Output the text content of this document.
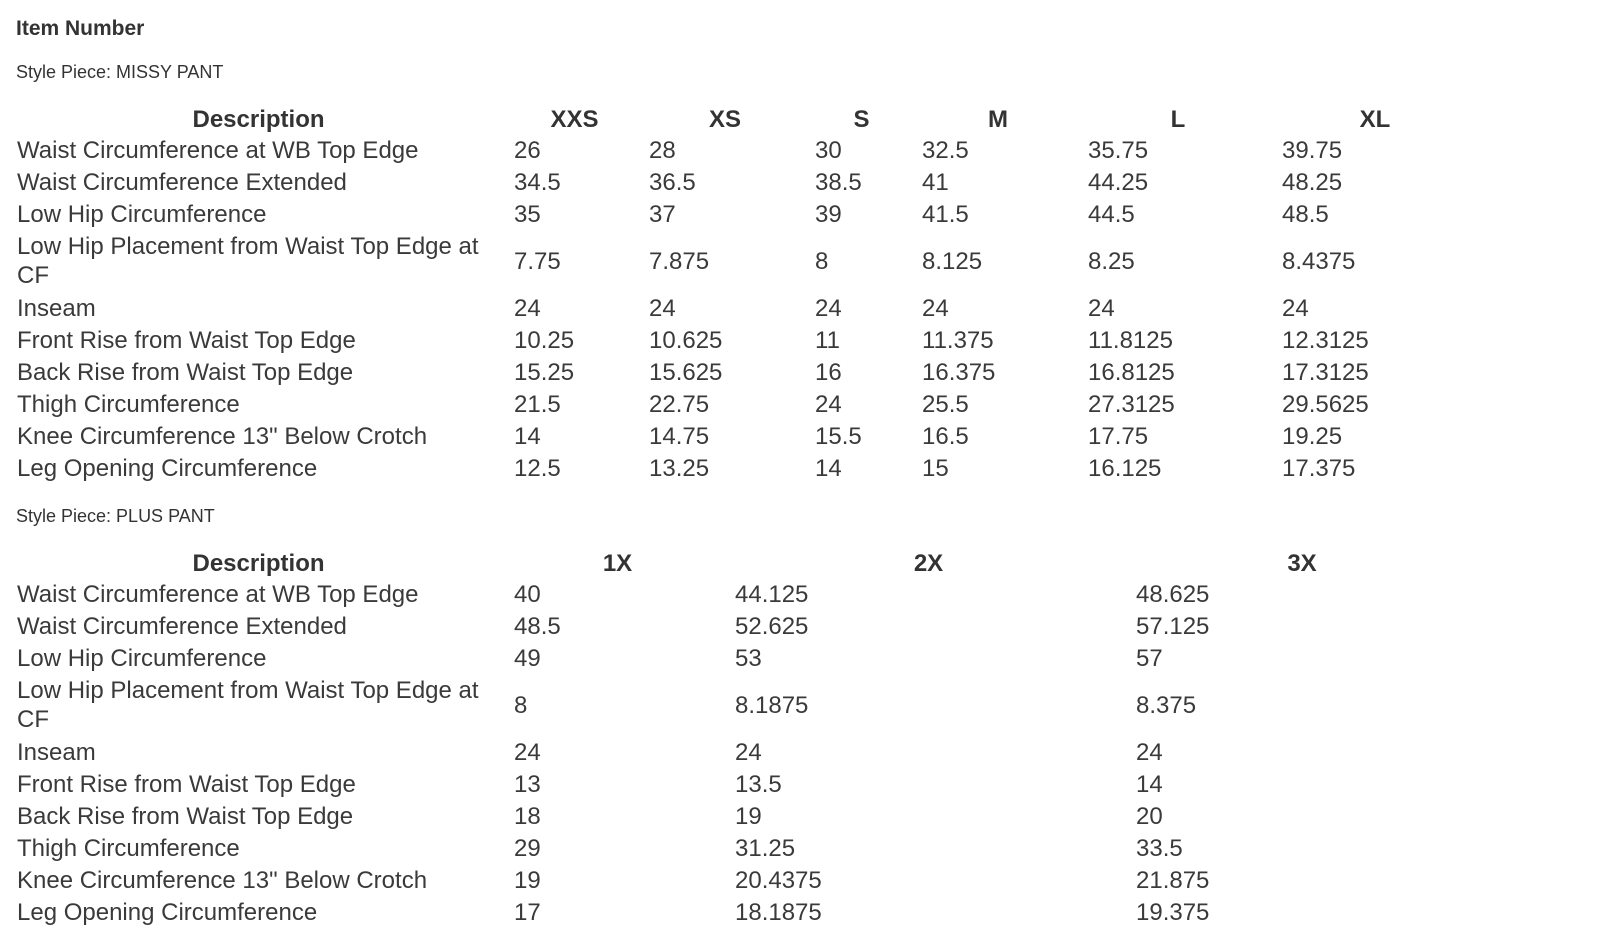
Item Number
Style Piece: MISSY PANT
Description	XXS	XS	S	M	L	XL
Waist Circumference at WB Top Edge	26	28	30	32.5	35.75	39.75
Waist Circumference Extended	34.5	36.5	38.5	41	44.25	48.25
Low Hip Circumference	35	37	39	41.5	44.5	48.5
Low Hip Placement from Waist Top Edge at CF	7.75	7.875	8	8.125	8.25	8.4375
Inseam	24	24	24	24	24	24
Front Rise from Waist Top Edge	10.25	10.625	11	11.375	11.8125	12.3125
Back Rise from Waist Top Edge	15.25	15.625	16	16.375	16.8125	17.3125
Thigh Circumference	21.5	22.75	24	25.5	27.3125	29.5625
Knee Circumference 13" Below Crotch	14	14.75	15.5	16.5	17.75	19.25
Leg Opening Circumference	12.5	13.25	14	15	16.125	17.375
Style Piece: PLUS PANT
Description	1X	2X	3X
Waist Circumference at WB Top Edge	40	44.125	48.625
Waist Circumference Extended	48.5	52.625	57.125
Low Hip Circumference	49	53	57
Low Hip Placement from Waist Top Edge at CF	8	8.1875	8.375
Inseam	24	24	24
Front Rise from Waist Top Edge	13	13.5	14
Back Rise from Waist Top Edge	18	19	20
Thigh Circumference	29	31.25	33.5
Knee Circumference 13" Below Crotch	19	20.4375	21.875
Leg Opening Circumference	17	18.1875	19.375
